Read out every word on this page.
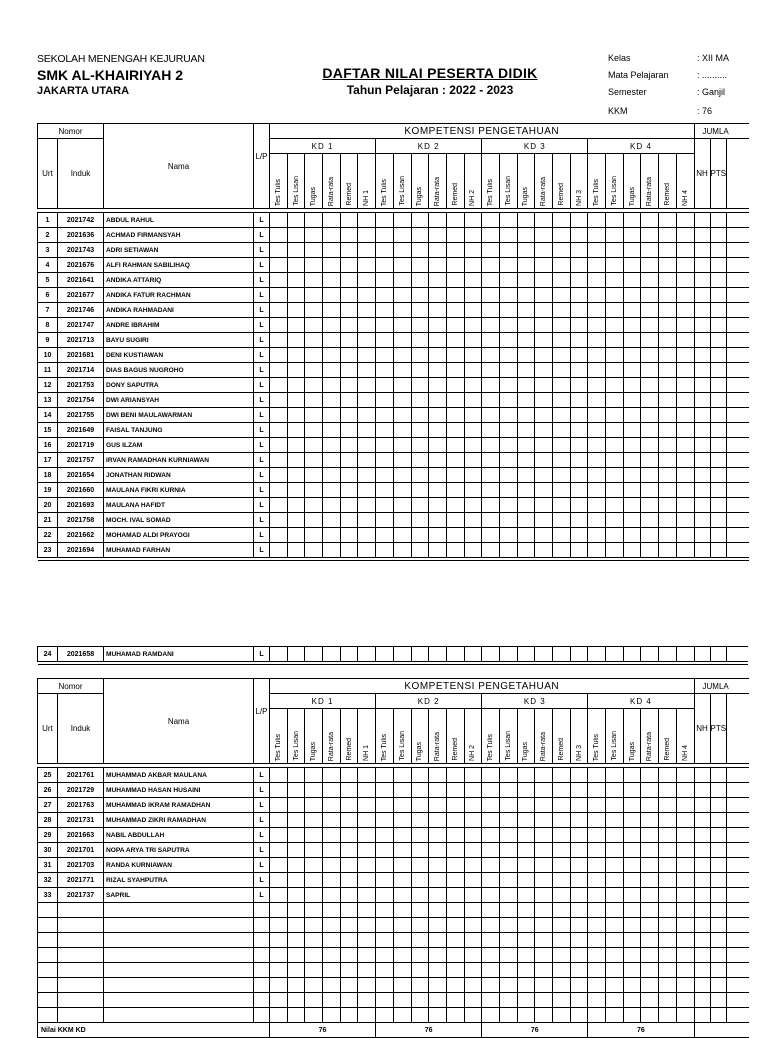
SEKOLAH MENENGAH KEJURUAN
SMK AL-KHAIRIYAH 2
JAKARTA UTARA
DAFTAR NILAI PESERTA DIDIK
Tahun Pelajaran : 2022 - 2023
Kelas	: XII MA
Mata Pelajaran	: ..........
Semester	: Ganjil
KKM	: 76
Nomor		Nama	L/P	KOMPETENSI PENGETAHUAN																								JUMLA		
Urt	Induk			KD 1						KD 2						KD 3						KD 4						NH	PTS	
				Tes Tulis	Tes Lisan	Tugas	Rata-rata	Remed	NH 1	Tes Tulis	Tes Lisan	Tugas	Rata-rata	Remed	NH 2	Tes Tulis	Tes Lisan	Tugas	Rata-rata	Remed	NH 3	Tes Tulis	Tes Lisan	Tugas	Rata-rata	Remed	NH 4			

1	2021742	ABDUL RAHUL	L																											
2	2021636	ACHMAD FIRMANSYAH	L																											
3	2021743	ADRI SETIAWAN	L																											
4	2021676	ALFI RAHMAN SABILIHAQ	L																											
5	2021641	ANDIKA ATTARIQ	L																											
6	2021677	ANDIKA FATUR RACHMAN	L																											
7	2021746	ANDIKA RAHMADANI	L																											
8	2021747	ANDRE IBRAHIM	L																											
9	2021713	BAYU SUGIRI	L																											
10	2021681	DENI KUSTIAWAN	L																											
11	2021714	DIAS BAGUS NUGROHO	L																											
12	2021753	DONY SAPUTRA	L																											
13	2021754	DWI ARIANSYAH	L																											
14	2021755	DWI BENI MAULAWARMAN	L																											
15	2021649	FAISAL TANJUNG	L																											
16	2021719	GUS ILZAM	L																											
17	2021757	IRVAN RAMADHAN KURNIAWAN	L																											
18	2021654	JONATHAN RIDWAN	L																											
19	2021660	MAULANA FIKRI KURNIA	L																											
20	2021693	MAULANA HAFIDT	L																											
21	2021758	MOCH. IVAL SOMAD	L																											
22	2021662	MOHAMAD ALDI PRAYOGI	L																											
23	2021694	MUHAMAD FARHAN	L																											

24	2021658	MUHAMAD RAMDANI	L																											

Nomor		Nama	L/P	KOMPETENSI PENGETAHUAN																								JUMLA		
Urt	Induk			KD 1						KD 2						KD 3						KD 4						NH	PTS	
				Tes Tulis	Tes Lisan	Tugas	Rata-rata	Remed	NH 1	Tes Tulis	Tes Lisan	Tugas	Rata-rata	Remed	NH 2	Tes Tulis	Tes Lisan	Tugas	Rata-rata	Remed	NH 3	Tes Tulis	Tes Lisan	Tugas	Rata-rata	Remed	NH 4			

25	2021761	MUHAMMAD AKBAR MAULANA	L																											
26	2021729	MUHAMMAD HASAN HUSAINI	L																											
27	2021763	MUHAMMAD IKRAM RAMADHAN	L																											
28	2021731	MUHAMMAD ZIKRI RAMADHAN	L																											
29	2021663	NABIL ABDULLAH	L																											
30	2021701	NOPA ARYA TRI SAPUTRA	L																											
31	2021703	RANDA KURNIAWAN	L																											
32	2021771	RIZAL SYAHPUTRA	L																											
33	2021737	SAPRIL	L																											

Nilai KKM KD				76						76						76						76								
